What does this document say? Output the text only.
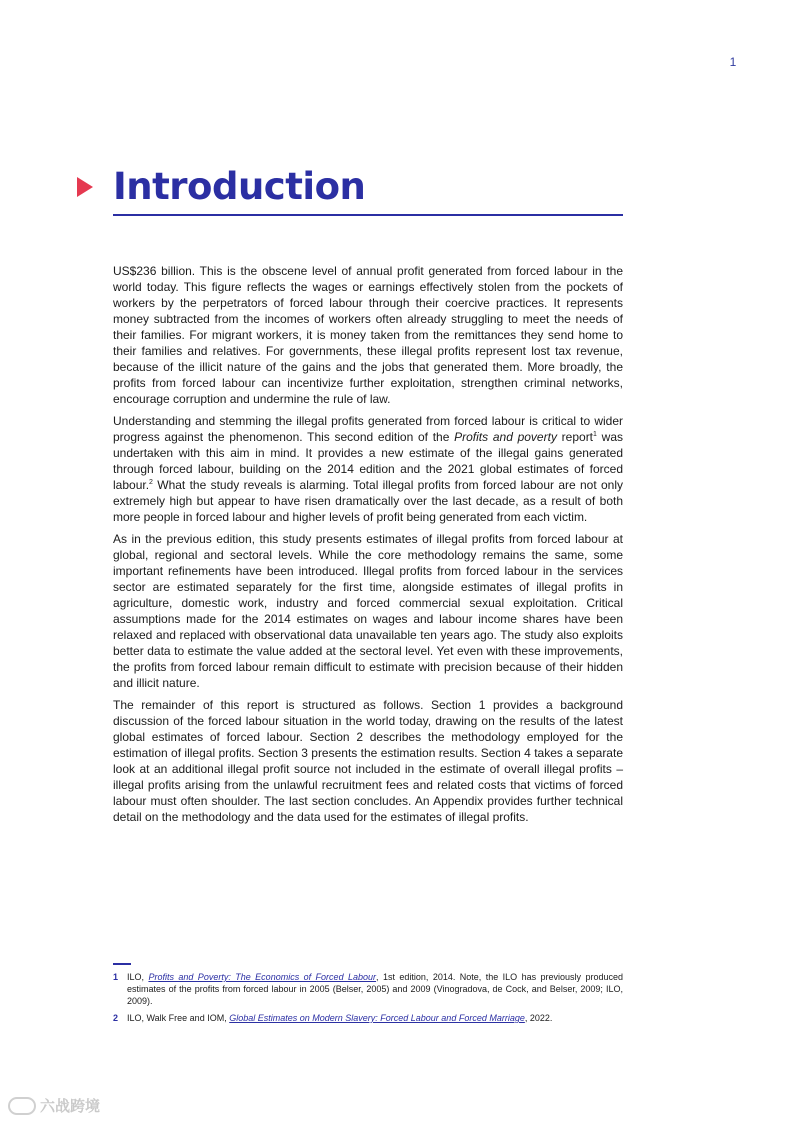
1
Introduction

US$236 billion. This is the obscene level of annual profit generated from forced labour in the world today. This figure reflects the wages or earnings effectively stolen from the pockets of workers by the perpetrators of forced labour through their coercive practices. It represents money subtracted from the incomes of workers often already struggling to meet the needs of their families. For migrant workers, it is money taken from the remittances they send home to their families and relatives. For governments, these illegal profits represent lost tax revenue, because of the illicit nature of the gains and the jobs that generated them. More broadly, the profits from forced labour can incentivize further exploitation, strengthen criminal networks, encourage corruption and undermine the rule of law.

Understanding and stemming the illegal profits generated from forced labour is critical to wider progress against the phenomenon. This second edition of the Profits and poverty report$^1$ was undertaken with this aim in mind. It provides a new estimate of the illegal gains generated through forced labour, building on the 2014 edition and the 2021 global estimates of forced labour.$^2$ What the study reveals is alarming. Total illegal profits from forced labour are not only extremely high but appear to have risen dramatically over the last decade, as a result of both more people in forced labour and higher levels of profit being generated from each victim.

As in the previous edition, this study presents estimates of illegal profits from forced labour at global, regional and sectoral levels. While the core methodology remains the same, some important refinements have been introduced. Illegal profits from forced labour in the services sector are estimated separately for the first time, alongside estimates of illegal profits in agriculture, domestic work, industry and forced commercial sexual exploitation. Critical assumptions made for the 2014 estimates on wages and labour income shares have been relaxed and replaced with observational data unavailable ten years ago. The study also exploits better data to estimate the value added at the sectoral level. Yet even with these improvements, the profits from forced labour remain difficult to estimate with precision because of their hidden and illicit nature.

The remainder of this report is structured as follows. Section 1 provides a background discussion of the forced labour situation in the world today, drawing on the results of the latest global estimates of forced labour. Section 2 describes the methodology employed for the estimation of illegal profits. Section 3 presents the estimation results. Section 4 takes a separate look at an additional illegal profit source not included in the estimate of overall illegal profits – illegal profits arising from the unlawful recruitment fees and related costs that victims of forced labour must often shoulder. The last section concludes. An Appendix provides further technical detail on the methodology and the data used for the estimates of illegal profits.

1 ILO, Profits and Poverty: The Economics of Forced Labour, 1st edition, 2014. Note, the ILO has previously produced estimates of the profits from forced labour in 2005 (Belser, 2005) and 2009 (Vinogradova, de Cock, and Belser, 2009; ILO, 2009).
2 ILO, Walk Free and IOM, Global Estimates on Modern Slavery: Forced Labour and Forced Marriage, 2022.
六战跨境
